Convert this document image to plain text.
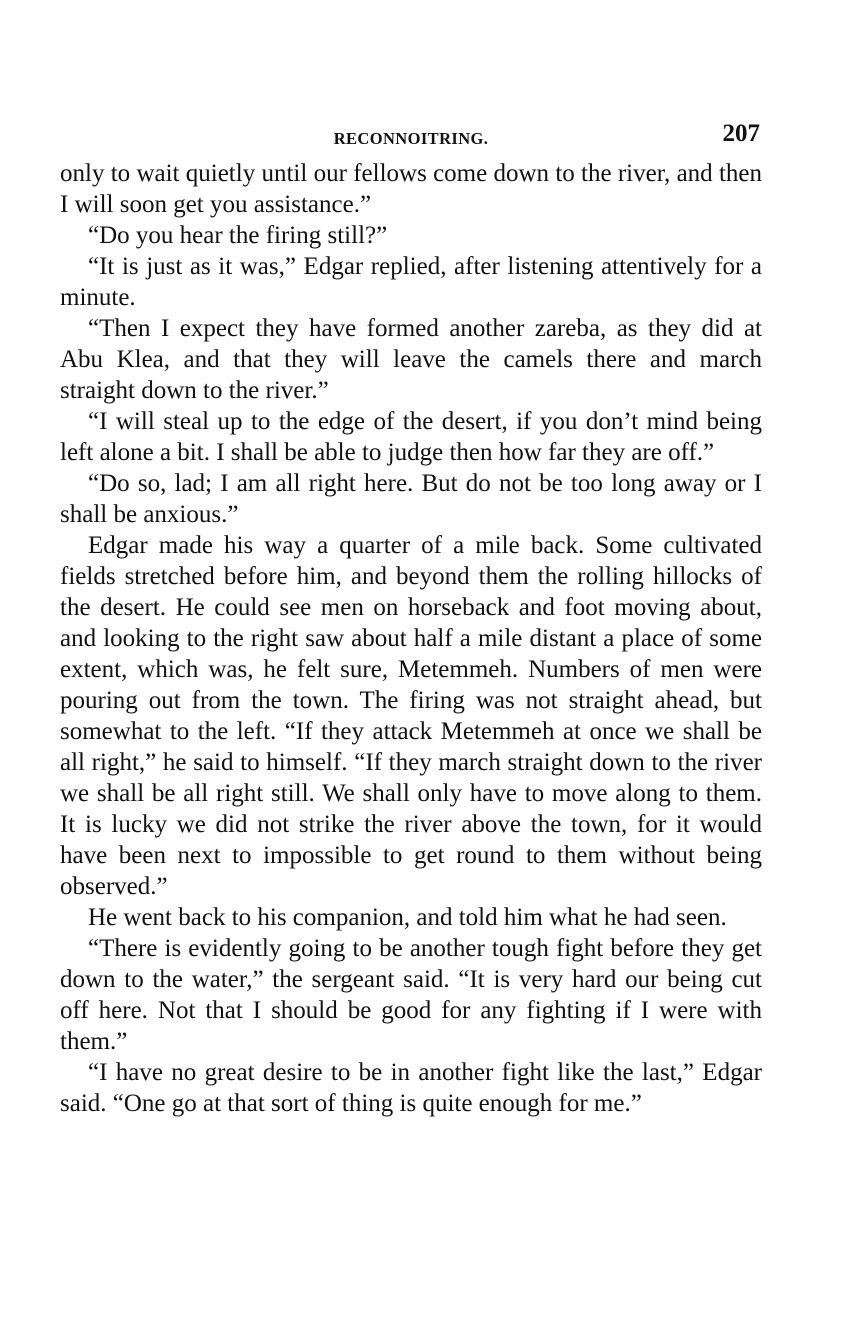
RECONNOITRING.	207

only to wait quietly until our fellows come down to the river, and then I will soon get you assistance.”

“Do you hear the firing still?”

“It is just as it was,” Edgar replied, after listening attentively for a minute.

“Then I expect they have formed another zareba, as they did at Abu Klea, and that they will leave the camels there and march straight down to the river.”

“I will steal up to the edge of the desert, if you don’t mind being left alone a bit. I shall be able to judge then how far they are off.”

“Do so, lad; I am all right here. But do not be too long away or I shall be anxious.”

Edgar made his way a quarter of a mile back. Some cultivated fields stretched before him, and beyond them the rolling hillocks of the desert. He could see men on horseback and foot moving about, and looking to the right saw about half a mile distant a place of some extent, which was, he felt sure, Metemmeh. Numbers of men were pouring out from the town. The firing was not straight ahead, but somewhat to the left. “If they attack Metemmeh at once we shall be all right,” he said to himself. “If they march straight down to the river we shall be all right still. We shall only have to move along to them. It is lucky we did not strike the river above the town, for it would have been next to impossible to get round to them without being observed.”

He went back to his companion, and told him what he had seen.

“There is evidently going to be another tough fight before they get down to the water,” the sergeant said. “It is very hard our being cut off here. Not that I should be good for any fighting if I were with them.”

“I have no great desire to be in another fight like the last,” Edgar said. “One go at that sort of thing is quite enough for me.”
